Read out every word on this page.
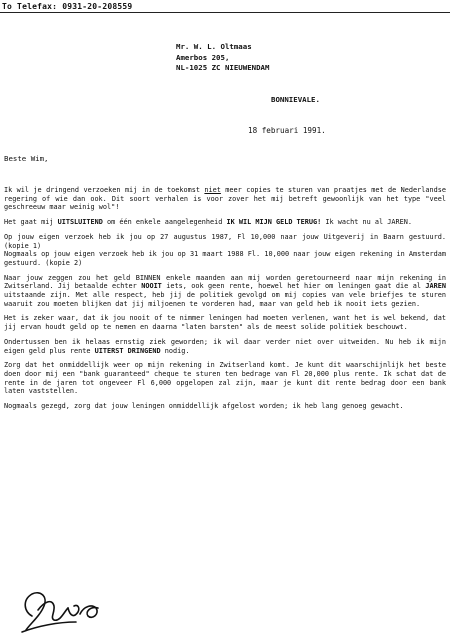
To Telefax: 0931-20-208559
Mr. W. L. Oltmaas
Amerbos 205,
NL-1025 ZC NIEUWENDAM
BONNIEVALE.
18 februari 1991.
Beste Wim,

Ik wil je dringend verzoeken mij in de toekomst niet meer copies te sturen van praatjes met de Nederlandse regering of wie dan ook. Dit soort verhalen is voor zover het mij betreft gewoonlijk van het type "veel geschreeuw maar weinig wol"!

Het gaat mij UITSLUITEND om één enkele aangelegenheid IK WIL MIJN GELD TERUG! Ik wacht nu al JAREN.

Op jouw eigen verzoek heb ik jou op 27 augustus 1987, Fl 10,000 naar jouw Uitgeverij in Baarn gestuurd. (kopie 1)

Nogmaals op jouw eigen verzoek heb ik jou op 31 maart 1988 Fl. 10,000 naar jouw eigen rekening in Amsterdam gestuurd. (kopie 2)

Naar jouw zeggen zou het geld BINNEN enkele maanden aan mij worden geretourneerd naar mijn rekening in Zwitserland. Jij betaalde echter NOOIT iets, ook geen rente, hoewel het hier om leningen gaat die al JAREN uitstaande zijn. Met alle respect, heb jij de politiek gevolgd om mij copies van vele briefjes te sturen waaruit zou moeten blijken dat jij miljoenen te vorderen had, maar van geld heb ik nooit iets gezien.

Het is zeker waar, dat ik jou nooit of te nimmer leningen had moeten verlenen, want het is wel bekend, dat jij ervan houdt geld op te nemen en daarna "laten barsten" als de meest solide politiek beschouwt.

Ondertussen ben ik helaas ernstig ziek geworden; ik wil daar verder niet over uitweiden. Nu heb ik mijn eigen geld plus rente UITERST DRINGEND nodig.

Zorg dat het onmiddellijk weer op mijn rekening in Zwitserland komt. Je kunt dit waarschijnlijk het beste doen door mij een "bank guaranteed" cheque te sturen ten bedrage van Fl 20,000 plus rente. Ik schat dat de rente in de jaren tot ongeveer Fl 6,000 opgelopen zal zijn, maar je kunt dit rente bedrag door een bank laten vaststellen.

Nogmaals gezegd, zorg dat jouw leningen onmiddellijk afgelost worden; ik heb lang genoeg gewacht.
